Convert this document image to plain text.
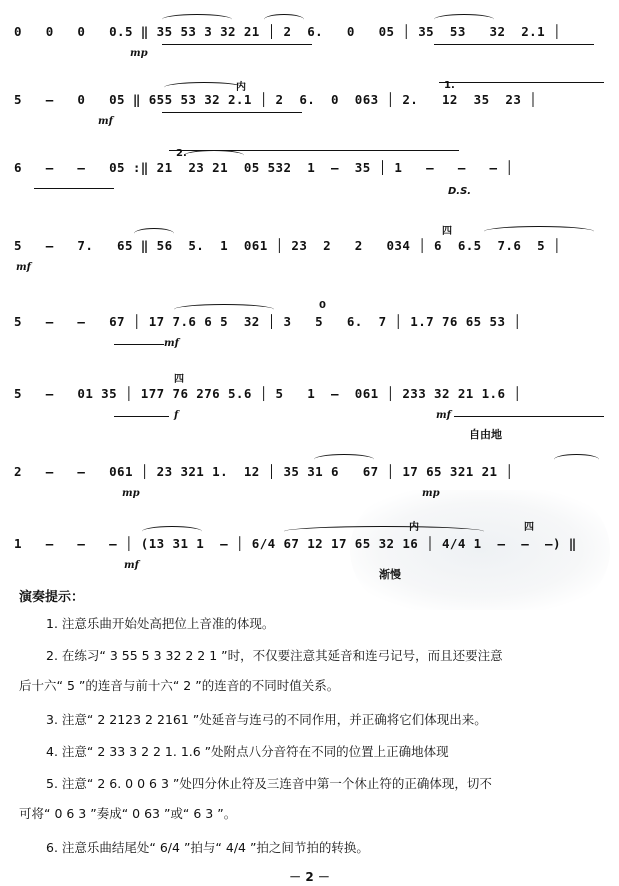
0   0   0   0.5 ‖ 35 53 3 32 21 │ 2  6.   0   05 │ 35  53   32  2.1 │
mp
5   –   0   05 ‖ 655 53 32 2.1 │ 2  6.  0  063 │ 2.   12  35  23 │
mf
内	1.
6   –   –   05 :‖ 21  23 21  05 532  1  –  35 │ 1   –   –   – │
2.
D.S.
5   –   7.   65 ‖ 56  5.  1  061 │ 23  2   2   034 │ 6  6.5  7.6  5 │
mf
四
5   –   –   67 │ 17 7.6 6 5  32 │ 3   5   6.  7 │ 1.7 76 65 53 │
mf
0
5   –   01 35 │ 177 76 276 5.6 │ 5   1  –  061 │ 233 32 21 1.6 │
f	mf
四
自由地
2   –   –   061 │ 23 321 1.  12 │ 35 31 6   67 │ 17 65 321 21 │
mp	mp
1   –   –   – │ (13 31 1  – │ 6/4 67 12 17 65 32 16 │ 4/4 1  –  –  –) ‖
mf
内	四
渐慢
演奏提示：
1. 注意乐曲开始处高把位上音准的体现。
2. 在练习“ 3 55 5 3 32 2 2 1 ”时，不仅要注意其延音和连弓记号，而且还要注意
后十六“ 5 ”的连音与前十六“ 2 ”的连音的不同时值关系。
3. 注意“ 2 2123 2 2161 ”处延音与连弓的不同作用，并正确将它们体现出来。
4. 注意“ 2 33 3 2 2 1. 1.6 ”处附点八分音符在不同的位置上正确地体现
5. 注意“ 2 6. 0 0 6 3 ”处四分休止符及三连音中第一个休止符的正确体现，切不
可将“ 0 6 3 ”奏成“ 0 63 ”或“ 6 3 ”。
6. 注意乐曲结尾处“ 6/4 ”拍与“ 4/4 ”拍之间节拍的转换。
－ 2 －
